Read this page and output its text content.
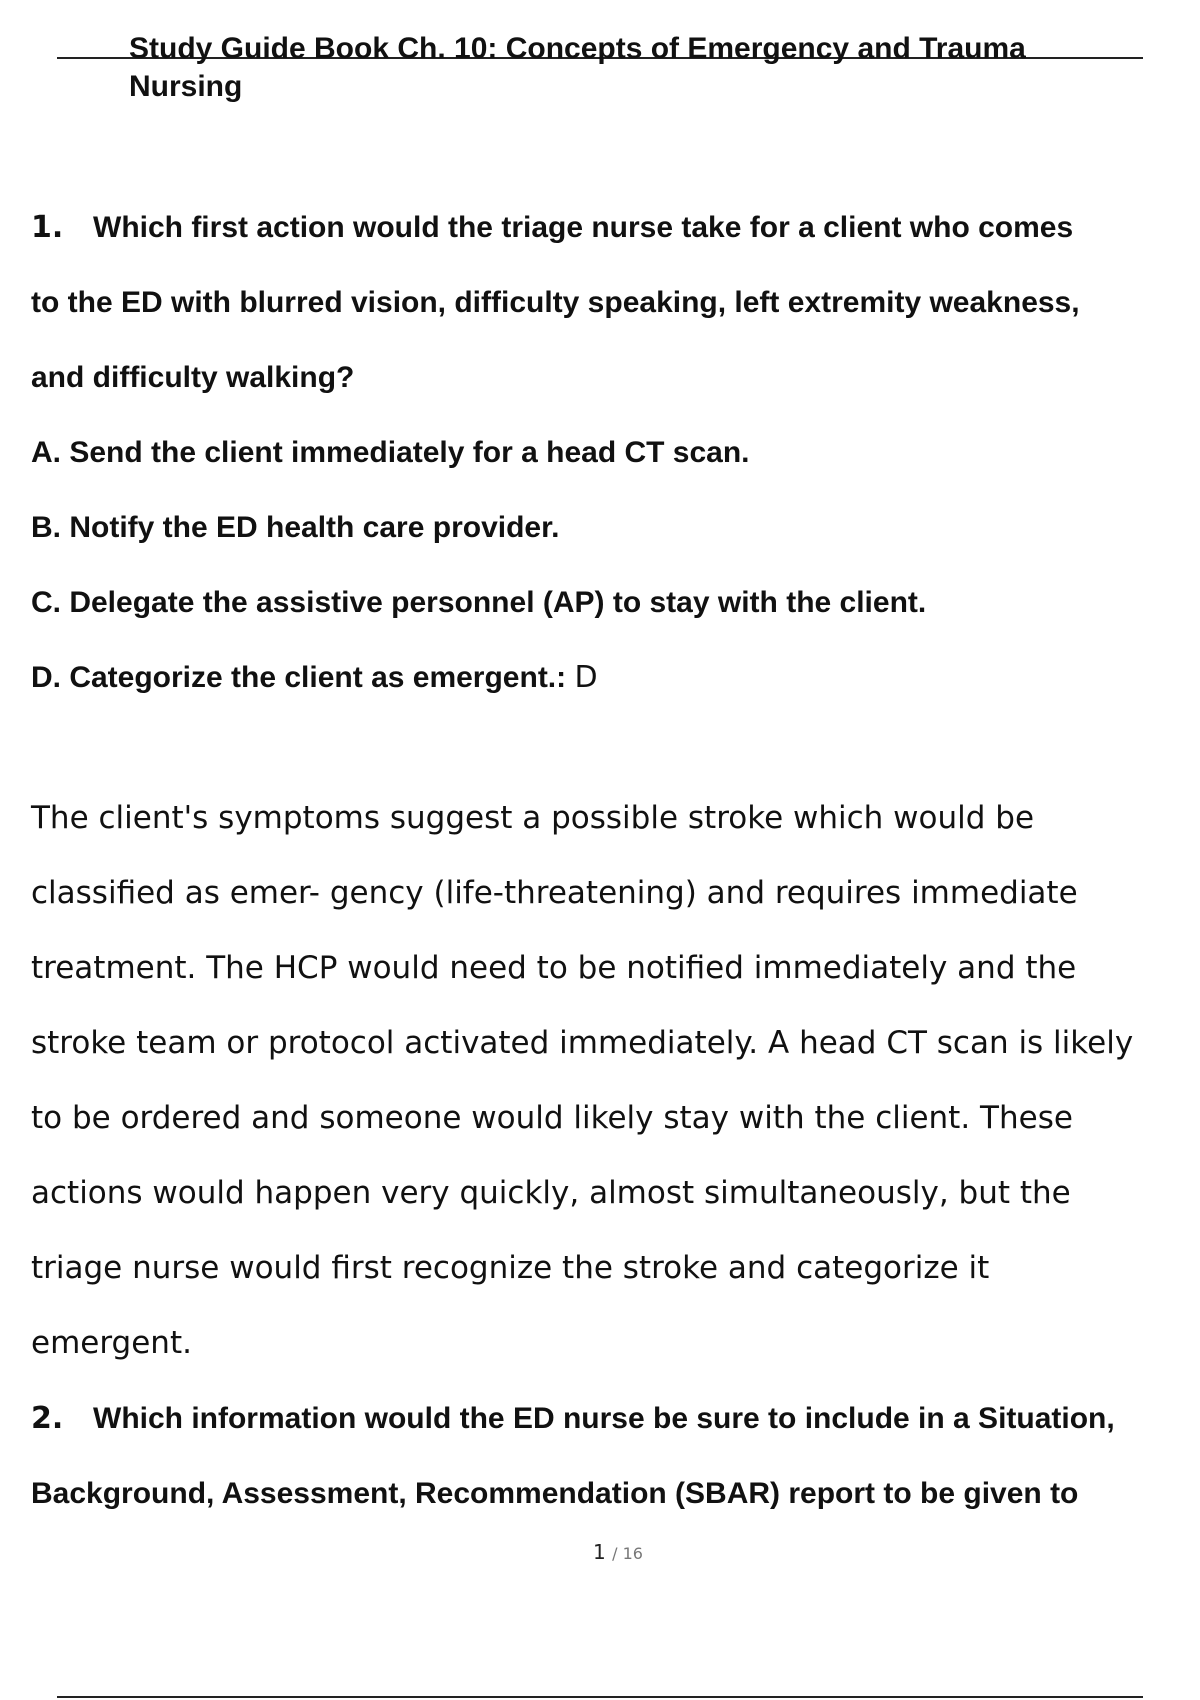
Study Guide Book Ch. 10: Concepts of Emergency and Trauma
Nursing

1. Which first action would the triage nurse take for a client who comes

to the ED with blurred vision, difficulty speaking, left extremity weakness,

and difficulty walking?

A. Send the client immediately for a head CT scan.

B. Notify the ED health care provider.

C. Delegate the assistive personnel (AP) to stay with the client.

D. Categorize the client as emergent.: D

The client's symptoms suggest a possible stroke which would be

classified as emer- gency (life-threatening) and requires immediate

treatment. The HCP would need to be notified immediately and the

stroke team or protocol activated immediately. A head CT scan is likely

to be ordered and someone would likely stay with the client. These

actions would happen very quickly, almost simultaneously, but the

triage nurse would first recognize the stroke and categorize it

emergent.

2. Which information would the ED nurse be sure to include in a Situation,

Background, Assessment, Recommendation (SBAR) report to be given to

1 / 16
